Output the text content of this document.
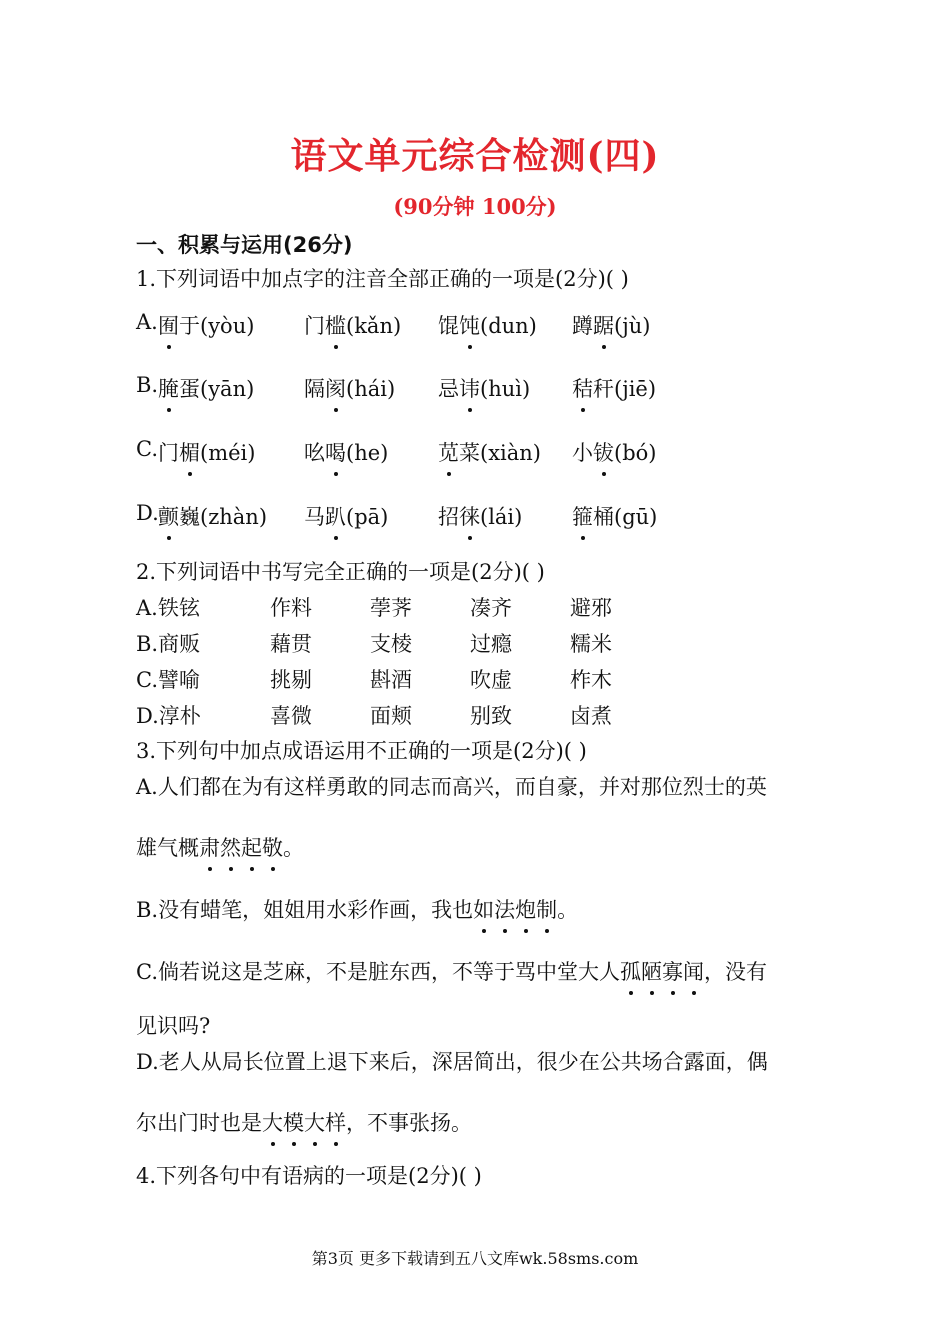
语文单元综合检测(四)
(90分钟 100分)
一、积累与运用(26分)
1.下列词语中加点字的注音全部正确的一项是(2分)( )
A. 囿于(yòu) 门槛(kǎn) 馄饨(dun) 蹲踞(jù)
B. 腌蛋(yān) 隔阂(hái) 忌讳(huì) 秸秆(jiē)
C. 门楣(méi) 吆喝(he) 苋菜(xiàn) 小钹(bó)
D. 颤巍(zhàn) 马趴(pā) 招徕(lái) 箍桶(gū)
2.下列词语中书写完全正确的一项是(2分)( )
A.铁铉	作料	荸荠	凑齐	避邪
B.商贩	藉贯	支棱	过瘾	糯米
C.譬喻	挑剔	斟酒	吹虚	柞木
D.淳朴	喜微	面颊	别致	卤煮
3.下列句中加点成语运用不正确的一项是(2分)( )
A.人们都在为有这样勇敢的同志而高兴，而自豪，并对那位烈士的英
雄气概肃然起敬。
B.没有蜡笔，姐姐用水彩作画，我也如法炮制。
C.倘若说这是芝麻，不是脏东西，不等于骂中堂大人孤陋寡闻，没有
见识吗?
D.老人从局长位置上退下来后，深居简出，很少在公共场合露面，偶
尔出门时也是大模大样，不事张扬。
4.下列各句中有语病的一项是(2分)( )
第3页 更多下载请到五八文库wk.58sms.com
